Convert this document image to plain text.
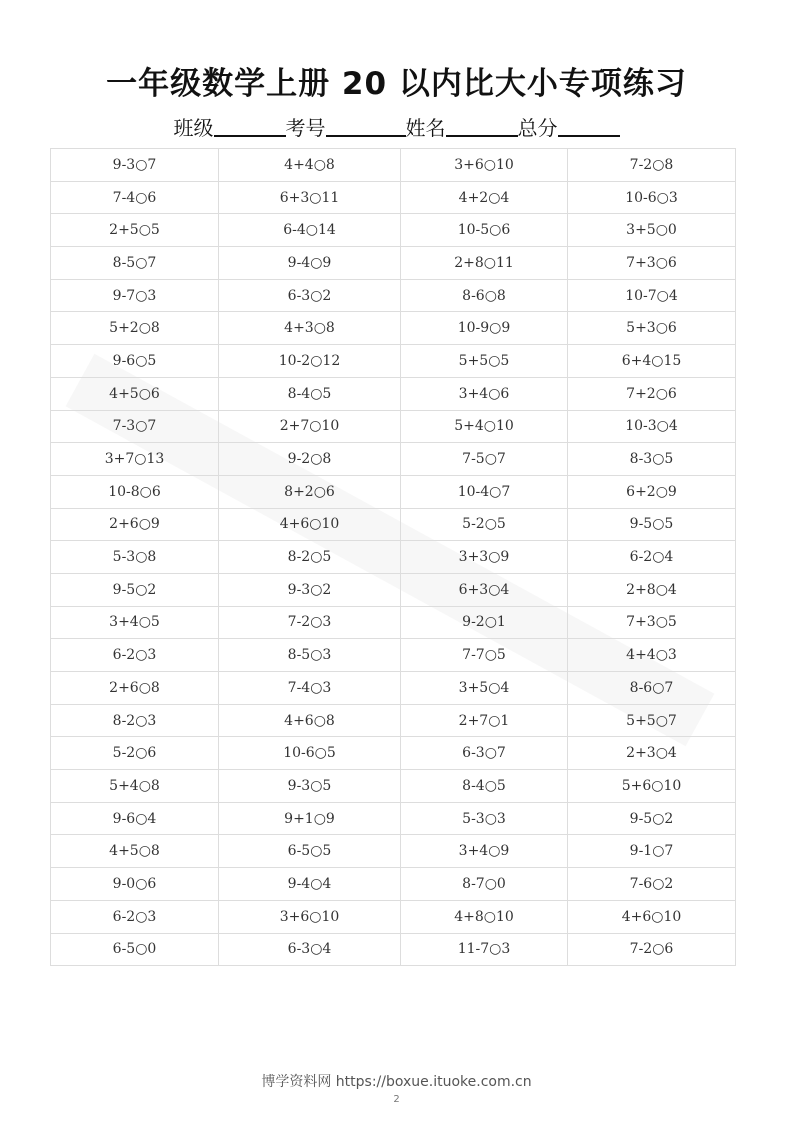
一年级数学上册 20 以内比大小专项练习
班级	考号	姓名	总分
9-3○7	4+4○8	3+6○10	7-2○8
7-4○6	6+3○11	4+2○4	10-6○3
2+5○5	6-4○14	10-5○6	3+5○0
8-5○7	9-4○9	2+8○11	7+3○6
9-7○3	6-3○2	8-6○8	10-7○4
5+2○8	4+3○8	10-9○9	5+3○6
9-6○5	10-2○12	5+5○5	6+4○15
4+5○6	8-4○5	3+4○6	7+2○6
7-3○7	2+7○10	5+4○10	10-3○4
3+7○13	9-2○8	7-5○7	8-3○5
10-8○6	8+2○6	10-4○7	6+2○9
2+6○9	4+6○10	5-2○5	9-5○5
5-3○8	8-2○5	3+3○9	6-2○4
9-5○2	9-3○2	6+3○4	2+8○4
3+4○5	7-2○3	9-2○1	7+3○5
6-2○3	8-5○3	7-7○5	4+4○3
2+6○8	7-4○3	3+5○4	8-6○7
8-2○3	4+6○8	2+7○1	5+5○7
5-2○6	10-6○5	6-3○7	2+3○4
5+4○8	9-3○5	8-4○5	5+6○10
9-6○4	9+1○9	5-3○3	9-5○2
4+5○8	6-5○5	3+4○9	9-1○7
9-0○6	9-4○4	8-7○0	7-6○2
6-2○3	3+6○10	4+8○10	4+6○10
6-5○0	6-3○4	11-7○3	7-2○6
博学资料网 https://boxue.ituoke.com.cn
2
